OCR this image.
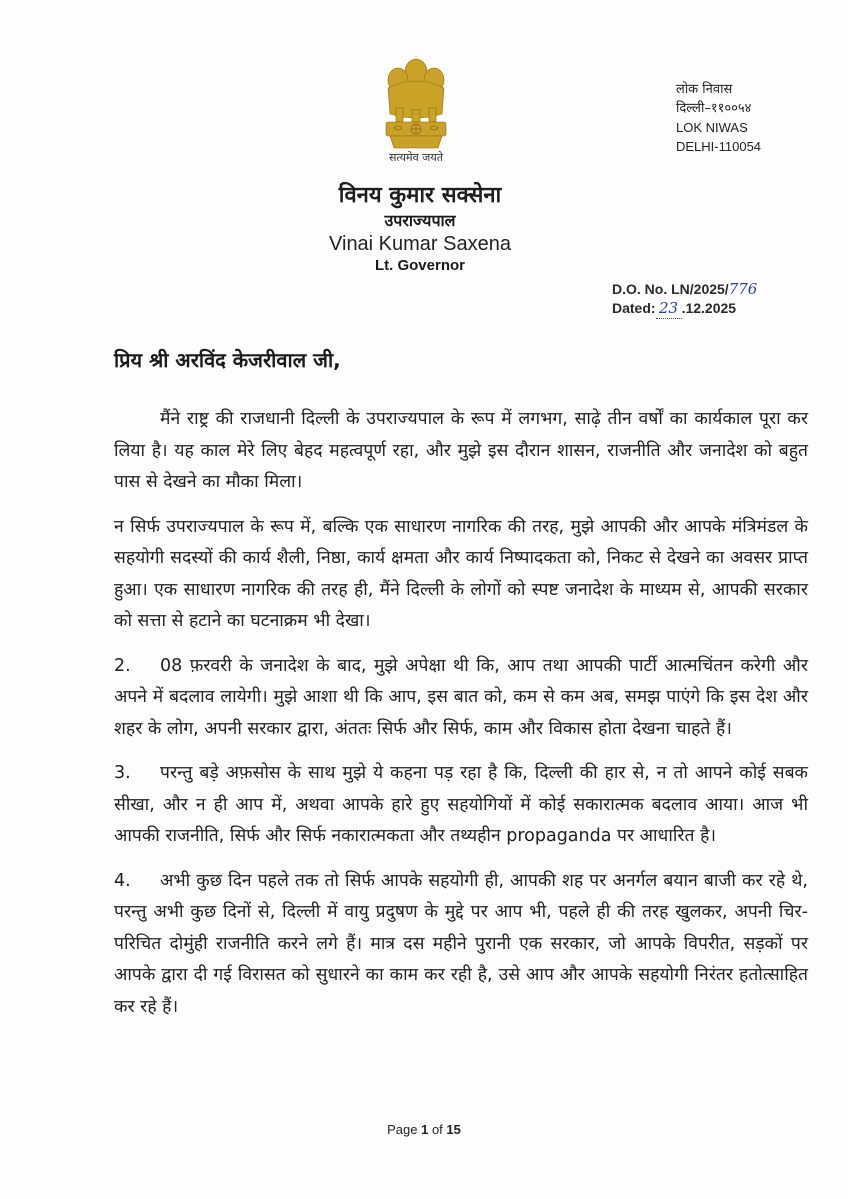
सत्यमेव जयते
लोक निवास
दिल्ली–११००५४
LOK NIWAS
DELHI-110054
विनय कुमार सक्सेना
उपराज्यपाल
Vinai Kumar Saxena
Lt. Governor
D.O. No. LN/2025/776
Dated: 23 .12.2025
प्रिय श्री अरविंद केजरीवाल जी,

मैंने राष्ट्र की राजधानी दिल्ली के उपराज्यपाल के रूप में लगभग, साढ़े तीन वर्षों का कार्यकाल पूरा कर लिया है। यह काल मेरे लिए बेहद महत्वपूर्ण रहा, और मुझे इस दौरान शासन, राजनीति और जनादेश को बहुत पास से देखने का मौका मिला।

न सिर्फ उपराज्यपाल के रूप में, बल्कि एक साधारण नागरिक की तरह, मुझे आपकी और आपके मंत्रिमंडल के सहयोगी सदस्यों की कार्य शैली, निष्ठा, कार्य क्षमता और कार्य निष्पादकता को, निकट से देखने का अवसर प्राप्त हुआ। एक साधारण नागरिक की तरह ही, मैंने दिल्ली के लोगों को स्पष्ट जनादेश के माध्यम से, आपकी सरकार को सत्ता से हटाने का घटनाक्रम भी देखा।

2. 08 फ़रवरी के जनादेश के बाद, मुझे अपेक्षा थी कि, आप तथा आपकी पार्टी आत्मचिंतन करेगी और अपने में बदलाव लायेगी। मुझे आशा थी कि आप, इस बात को, कम से कम अब, समझ पाएंगे कि इस देश और शहर के लोग, अपनी सरकार द्वारा, अंततः सिर्फ और सिर्फ, काम और विकास होता देखना चाहते हैं।

3. परन्तु बड़े अफ़सोस के साथ मुझे ये कहना पड़ रहा है कि, दिल्ली की हार से, न तो आपने कोई सबक सीखा, और न ही आप में, अथवा आपके हारे हुए सहयोगियों में कोई सकारात्मक बदलाव आया। आज भी आपकी राजनीति, सिर्फ और सिर्फ नकारात्मकता और तथ्यहीन propaganda पर आधारित है।

4. अभी कुछ दिन पहले तक तो सिर्फ आपके सहयोगी ही, आपकी शह पर अनर्गल बयान बाजी कर रहे थे, परन्तु अभी कुछ दिनों से, दिल्ली में वायु प्रदुषण के मुद्दे पर आप भी, पहले ही की तरह खुलकर, अपनी चिर-परिचित दोमुंही राजनीति करने लगे हैं। मात्र दस महीने पुरानी एक सरकार, जो आपके विपरीत, सड़कों पर आपके द्वारा दी गई विरासत को सुधारने का काम कर रही है, उसे आप और आपके सहयोगी निरंतर हतोत्साहित कर रहे हैं।

Page 1 of 15
